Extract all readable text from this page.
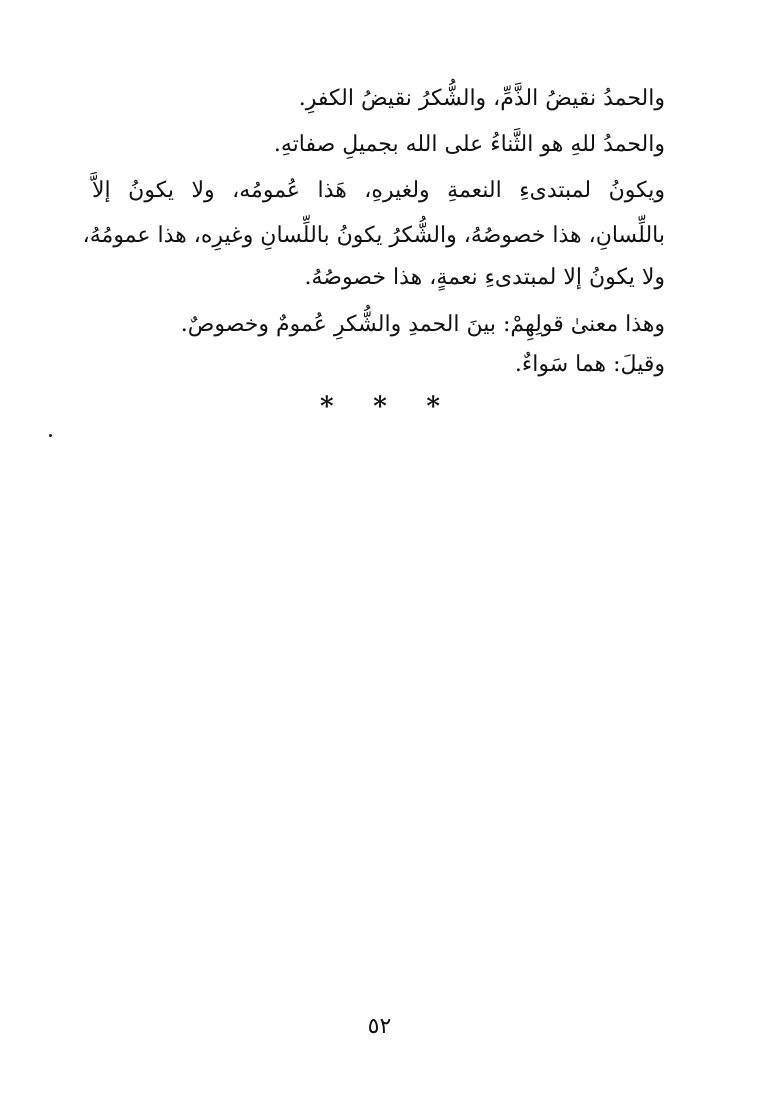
والحمدُ نقيضُ الذَّمِّ، والشُّكرُ نقيضُ الكفرِ.
والحمدُ للهِ هو الثَّناءُ على الله بجميلِ صفاتهِ.
ويكونُ لمبتدىءِ النعمةِ ولغيرهِ، هَذا عُمومُه، ولا يكونُ إلاَّ
باللِّسانِ، هذا خصوصُهُ، والشُّكرُ يكونُ باللِّسانِ وغيرِه، هذا عمومُهُ،
ولا يكونُ إلا لمبتدىءِ نعمةٍ، هذا خصوصُهُ.
وهذا معنىٰ قولِهِمْ: بينَ الحمدِ والشُّكرِ عُمومٌ وخصوصٌ.
وقيلَ: هما سَواءٌ.
* * *
٥٢
